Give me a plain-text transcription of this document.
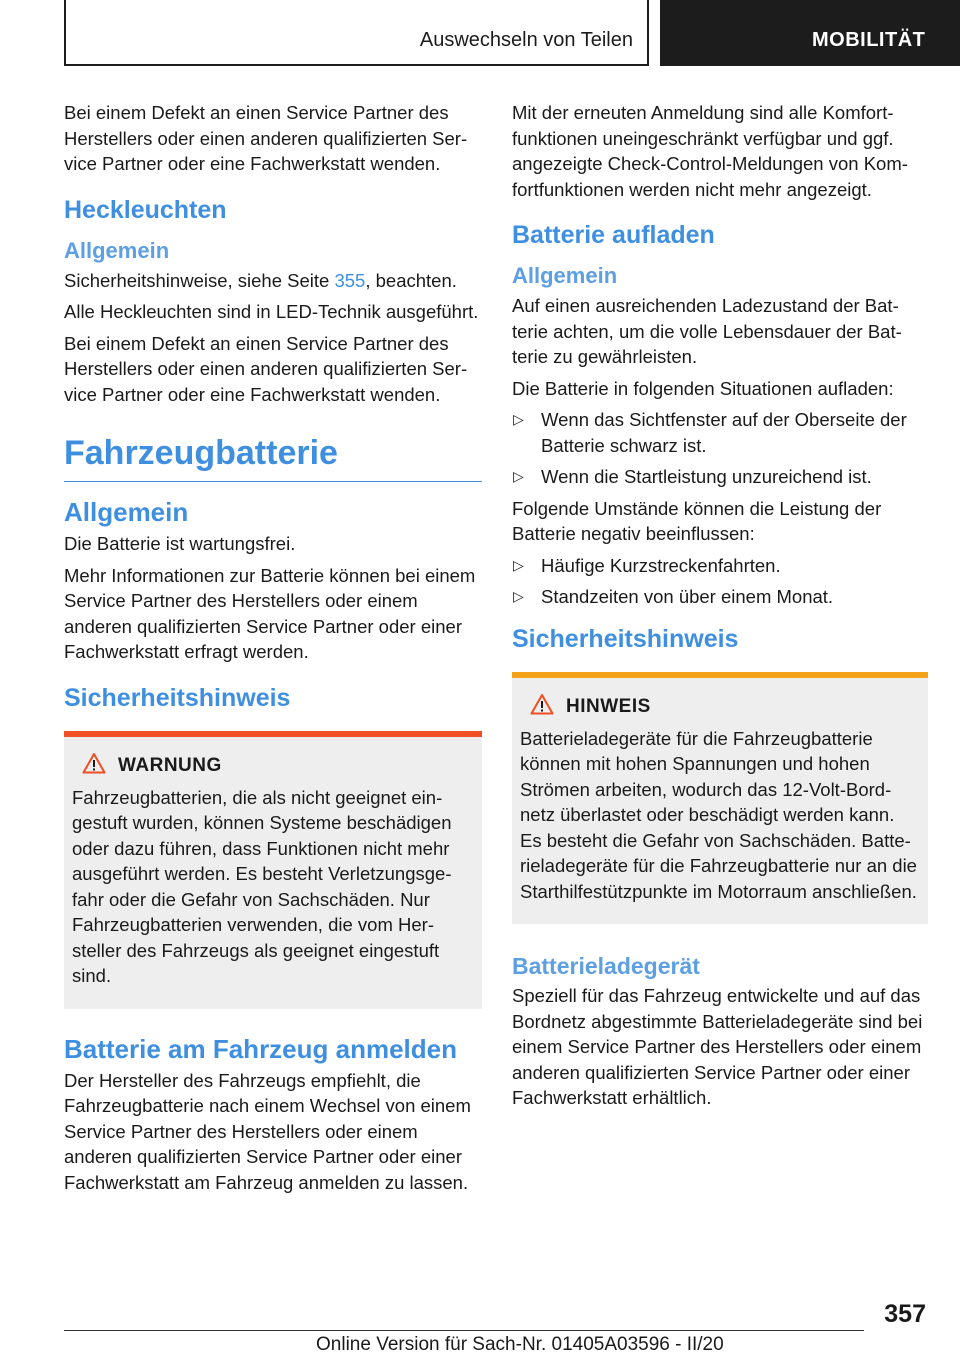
Auswechseln von Teilen	MOBILITÄT

Bei einem Defekt an einen Service Partner des Herstellers oder einen anderen qualifizierten Service Partner oder eine Fachwerkstatt wenden.

Heckleuchten
Allgemein

Sicherheitshinweise, siehe Seite 355, beachten.

Alle Heckleuchten sind in LED-Technik ausgeführt.

Bei einem Defekt an einen Service Partner des Herstellers oder einen anderen qualifizierten Service Partner oder eine Fachwerkstatt wenden.

Fahrzeugbatterie
Allgemein

Die Batterie ist wartungsfrei.

Mehr Informationen zur Batterie können bei einem Service Partner des Herstellers oder einem anderen qualifizierten Service Partner oder einer Fachwerkstatt erfragt werden.

Sicherheitshinweis
WARNUNG

Fahrzeugbatterien, die als nicht geeignet eingestuft wurden, können Systeme beschädigen oder dazu führen, dass Funktionen nicht mehr ausgeführt werden. Es besteht Verletzungsgefahr oder die Gefahr von Sachschäden. Nur Fahrzeugbatterien verwenden, die vom Hersteller des Fahrzeugs als geeignet eingestuft sind.

Batterie am Fahrzeug anmelden

Der Hersteller des Fahrzeugs empfiehlt, die Fahrzeugbatterie nach einem Wechsel von einem Service Partner des Herstellers oder einem anderen qualifizierten Service Partner oder einer Fachwerkstatt am Fahrzeug anmelden zu lassen.

Mit der erneuten Anmeldung sind alle Komfortfunktionen uneingeschränkt verfügbar und ggf. angezeigte Check-Control-Meldungen von Komfortfunktionen werden nicht mehr angezeigt.

Batterie aufladen
Allgemein

Auf einen ausreichenden Ladezustand der Batterie achten, um die volle Lebensdauer der Batterie zu gewährleisten.

Die Batterie in folgenden Situationen aufladen:

▷ Wenn das Sichtfenster auf der Oberseite der Batterie schwarz ist.
▷ Wenn die Startleistung unzureichend ist.

Folgende Umstände können die Leistung der Batterie negativ beeinflussen:

▷ Häufige Kurzstreckenfahrten.
▷ Standzeiten von über einem Monat.
Sicherheitshinweis
HINWEIS

Batterieladegeräte für die Fahrzeugbatterie können mit hohen Spannungen und hohen Strömen arbeiten, wodurch das 12-Volt-Bordnetz überlastet oder beschädigt werden kann. Es besteht die Gefahr von Sachschäden. Batterieladegeräte für die Fahrzeugbatterie nur an die Starthilfestützpunkte im Motorraum anschließen.

Batterieladegerät

Speziell für das Fahrzeug entwickelte und auf das Bordnetz abgestimmte Batterieladegeräte sind bei einem Service Partner des Herstellers oder einem anderen qualifizierten Service Partner oder einer Fachwerkstatt erhältlich.

357
Online Version für Sach-Nr. 01405A03596 - II/20
